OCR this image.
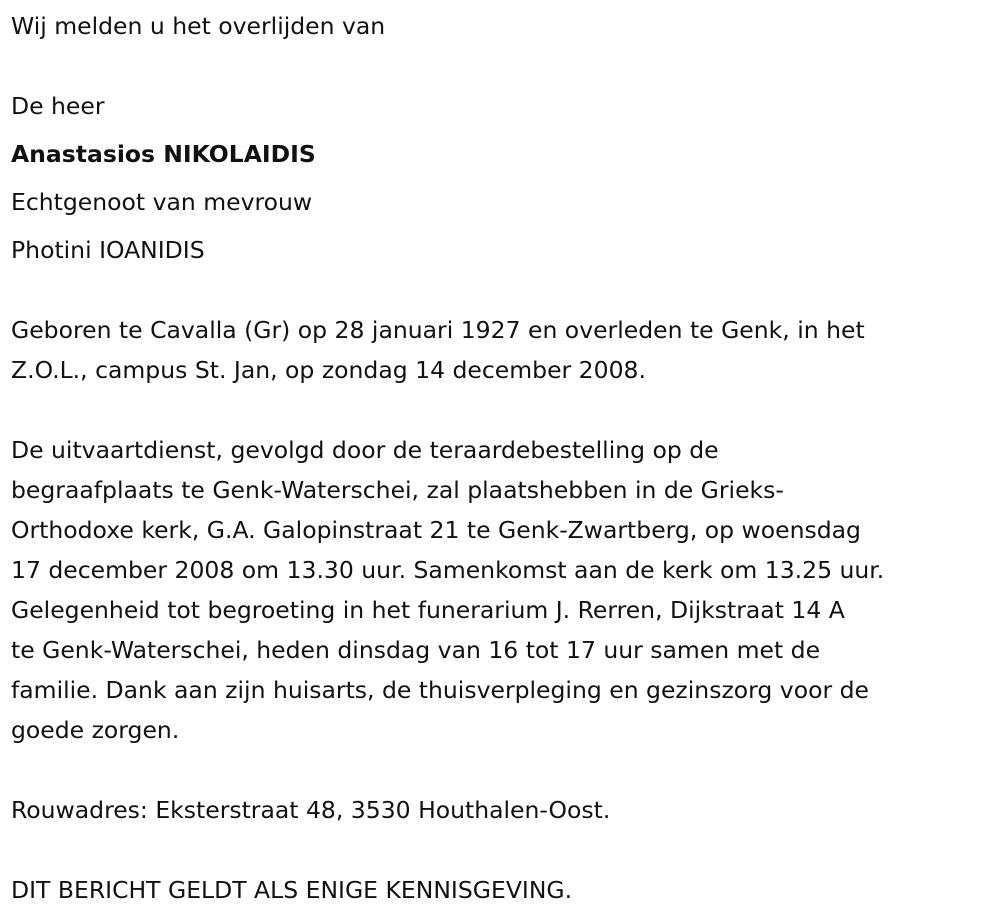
Wij melden u het overlijden van
De heer
Anastasios NIKOLAIDIS
Echtgenoot van mevrouw
Photini IOANIDIS
Geboren te Cavalla (Gr) op 28 januari 1927 en overleden te Genk, in het
Z.O.L., campus St. Jan, op zondag 14 december 2008.
De uitvaartdienst, gevolgd door de teraardebestelling op de
begraafplaats te Genk-Waterschei, zal plaatshebben in de Grieks-
Orthodoxe kerk, G.A. Galopinstraat 21 te Genk-Zwartberg, op woensdag
17 december 2008 om 13.30 uur. Samenkomst aan de kerk om 13.25 uur.
Gelegenheid tot begroeting in het funerarium J. Rerren, Dijkstraat 14 A
te Genk-Waterschei, heden dinsdag van 16 tot 17 uur samen met de
familie. Dank aan zijn huisarts, de thuisverpleging en gezinszorg voor de
goede zorgen.
Rouwadres: Eksterstraat 48, 3530 Houthalen-Oost.
DIT BERICHT GELDT ALS ENIGE KENNISGEVING.
